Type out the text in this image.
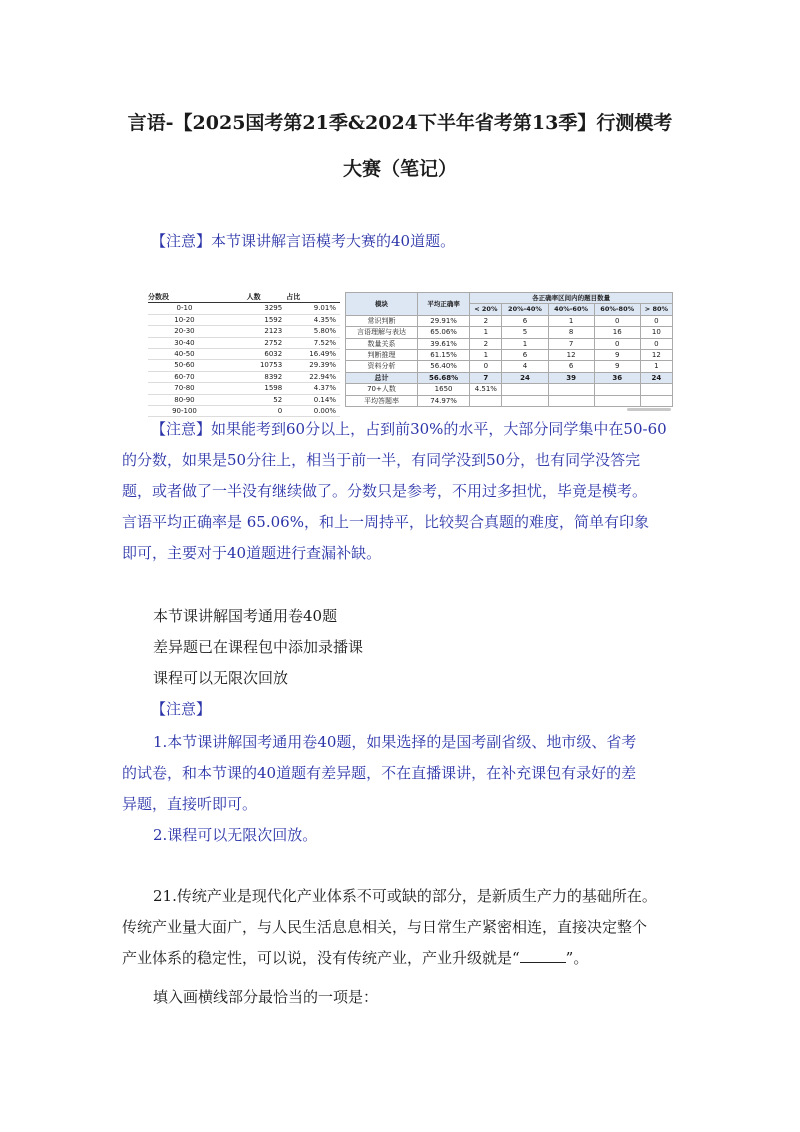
言语-【2025国考第21季&2024下半年省考第13季】行测模考
大赛（笔记）
【注意】本节课讲解言语模考大赛的40道题。
分数段	人数	占比
0-10	3295	9.01%
10-20	1592	4.35%
20-30	2123	5.80%
30-40	2752	7.52%
40-50	6032	16.49%
50-60	10753	29.39%
60-70	8392	22.94%
70-80	1598	4.37%
80-90	52	0.14%
90-100	0	0.00%
模块	平均正确率	各正确率区间内的题目数量				
		< 20%	20%-40%	40%-60%	60%-80%	> 80%
常识判断	29.91%	2	6	1	0	0
言语理解与表达	65.06%	1	5	8	16	10
数量关系	39.61%	2	1	7	0	0
判断推理	61.15%	1	6	12	9	12
资料分析	56.40%	0	4	6	9	1
总计	56.68%	7	24	39	36	24
70+人数	1650	4.51%				
平均答题率	74.97%					
【注意】如果能考到60分以上，占到前30%的水平，大部分同学集中在50-60
的分数，如果是50分往上，相当于前一半，有同学没到50分，也有同学没答完
题，或者做了一半没有继续做了。分数只是参考，不用过多担忧，毕竟是模考。
言语平均正确率是 65.06%，和上一周持平，比较契合真题的难度，简单有印象
即可，主要对于40道题进行查漏补缺。
本节课讲解国考通用卷40题
差异题已在课程包中添加录播课
课程可以无限次回放
【注意】
1.本节课讲解国考通用卷40题，如果选择的是国考副省级、地市级、省考
的试卷，和本节课的40道题有差异题，不在直播课讲，在补充课包有录好的差
异题，直接听即可。
2.课程可以无限次回放。
21.传统产业是现代化产业体系不可或缺的部分，是新质生产力的基础所在。
传统产业量大面广，与人民生活息息相关，与日常生产紧密相连，直接决定整个
产业体系的稳定性，可以说，没有传统产业，产业升级就是“	”。
填入画横线部分最恰当的一项是：
